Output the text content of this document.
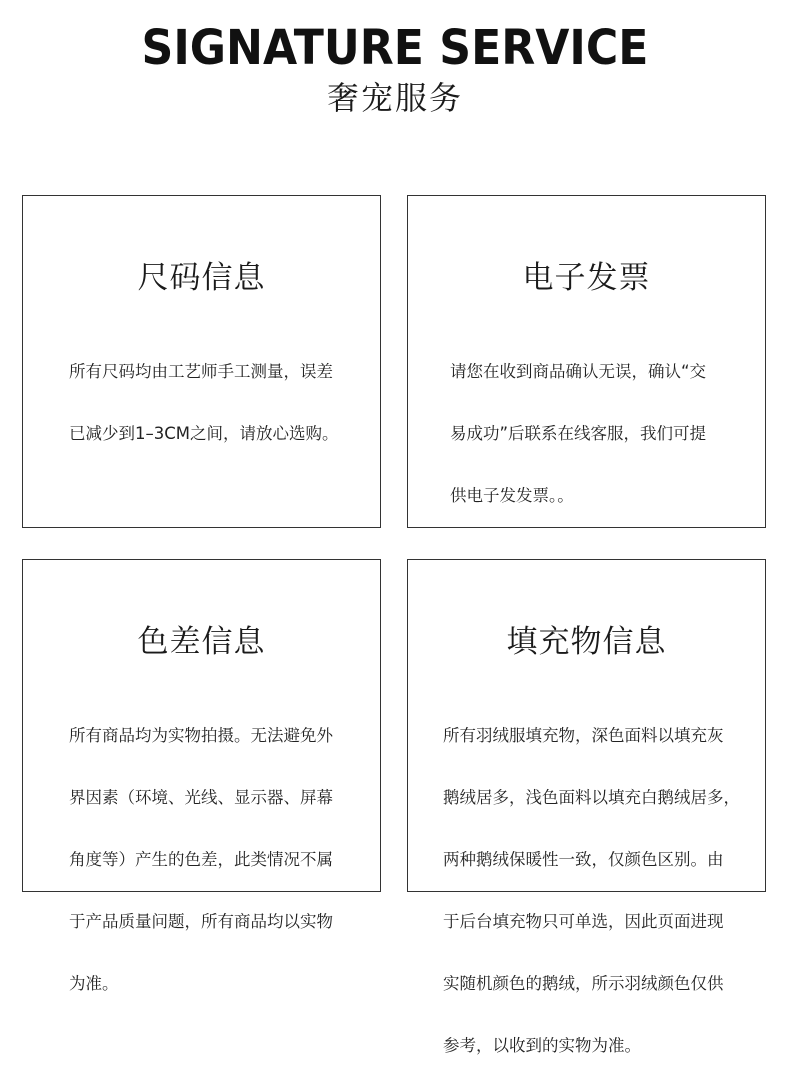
SIGNATURE SERVICE
奢宠服务
尺码信息

所有尺码均由工艺师手工测量，误差

已减少到1–3CM之间，请放心选购。

电子发票

请您在收到商品确认无误，确认“交

易成功”后联系在线客服，我们可提

供电子发发票。。

色差信息

所有商品均为实物拍摄。无法避免外

界因素（环境、光线、显示器、屏幕

角度等）产生的色差，此类情况不属

于产品质量问题，所有商品均以实物

为准。

填充物信息

所有羽绒服填充物，深色面料以填充灰

鹅绒居多，浅色面料以填充白鹅绒居多，

两种鹅绒保暖性一致，仅颜色区别。由

于后台填充物只可单选，因此页面进现

实随机颜色的鹅绒，所示羽绒颜色仅供

参考，以收到的实物为准。
